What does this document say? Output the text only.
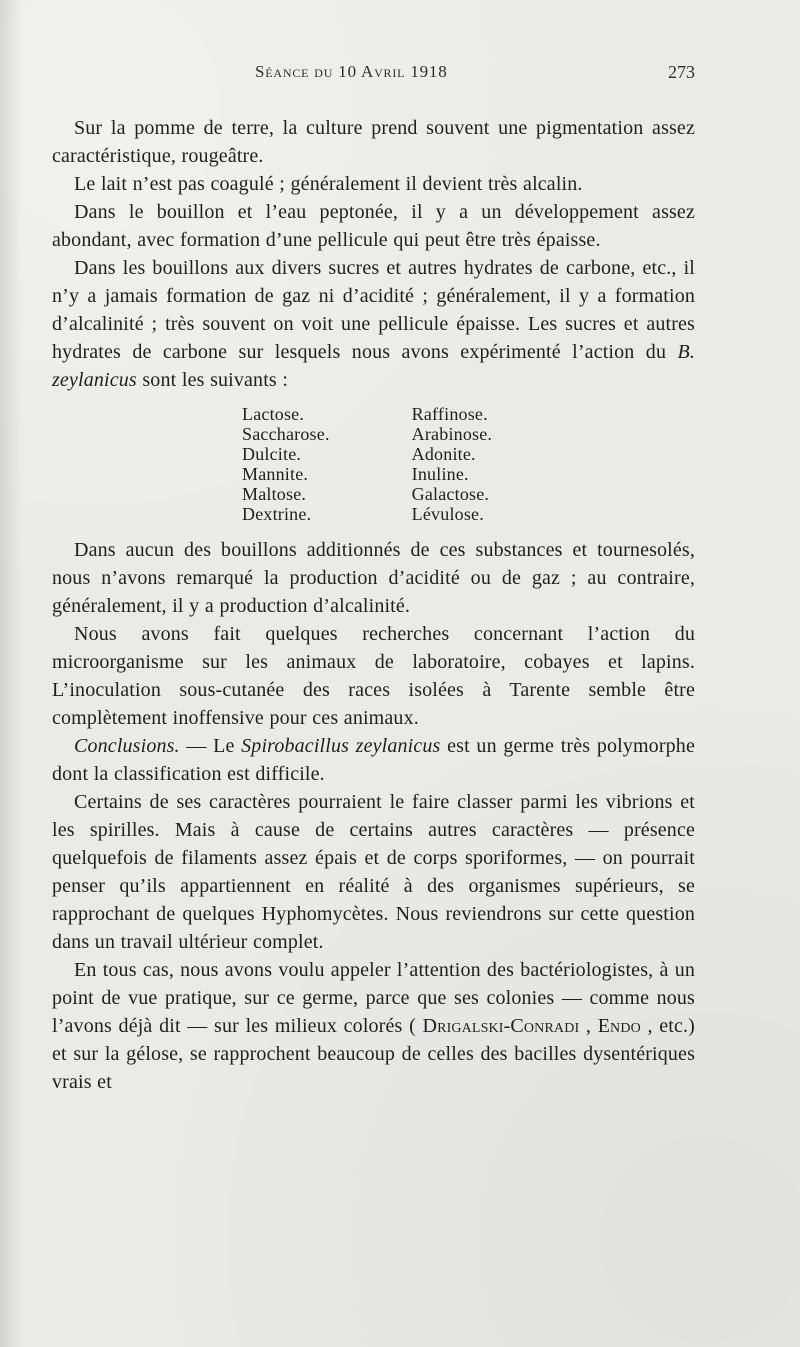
Séance du 10 Avril 1918	273

Sur la pomme de terre, la culture prend souvent une pigmentation assez caractéristique, rougeâtre.

Le lait n’est pas coagulé ; généralement il devient très alcalin.

Dans le bouillon et l’eau peptonée, il y a un développement assez abondant, avec formation d’une pellicule qui peut être très épaisse.

Dans les bouillons aux divers sucres et autres hydrates de carbone, etc., il n’y a jamais formation de gaz ni d’acidité ; généralement, il y a formation d’alcalinité ; très souvent on voit une pellicule épaisse. Les sucres et autres hydrates de carbone sur lesquels nous avons expérimenté l’action du B. zeylanicus sont les suivants :

Lactose.
Saccharose.
Dulcite.
Mannite.
Maltose.
Dextrine.
Raffinose.
Arabinose.
Adonite.
Inuline.
Galactose.
Lévulose.

Dans aucun des bouillons additionnés de ces substances et tournesolés, nous n’avons remarqué la production d’acidité ou de gaz ; au contraire, généralement, il y a production d’alcalinité.

Nous avons fait quelques recherches concernant l’action du microorganisme sur les animaux de laboratoire, cobayes et lapins. L’inoculation sous-cutanée des races isolées à Tarente semble être complètement inoffensive pour ces animaux.

Conclusions. — Le Spirobacillus zeylanicus est un germe très polymorphe dont la classification est difficile.

Certains de ses caractères pourraient le faire classer parmi les vibrions et les spirilles. Mais à cause de certains autres caractères — présence quelquefois de filaments assez épais et de corps sporiformes, — on pourrait penser qu’ils appartiennent en réalité à des organismes supérieurs, se rapprochant de quelques Hyphomycètes. Nous reviendrons sur cette question dans un travail ultérieur complet.

En tous cas, nous avons voulu appeler l’attention des bactériologistes, à un point de vue pratique, sur ce germe, parce que ses colonies — comme nous l’avons déjà dit — sur les milieux colorés ( Drigalski-Conradi , Endo , etc.) et sur la gélose, se rapprochent beaucoup de celles des bacilles dysentériques vrais et
